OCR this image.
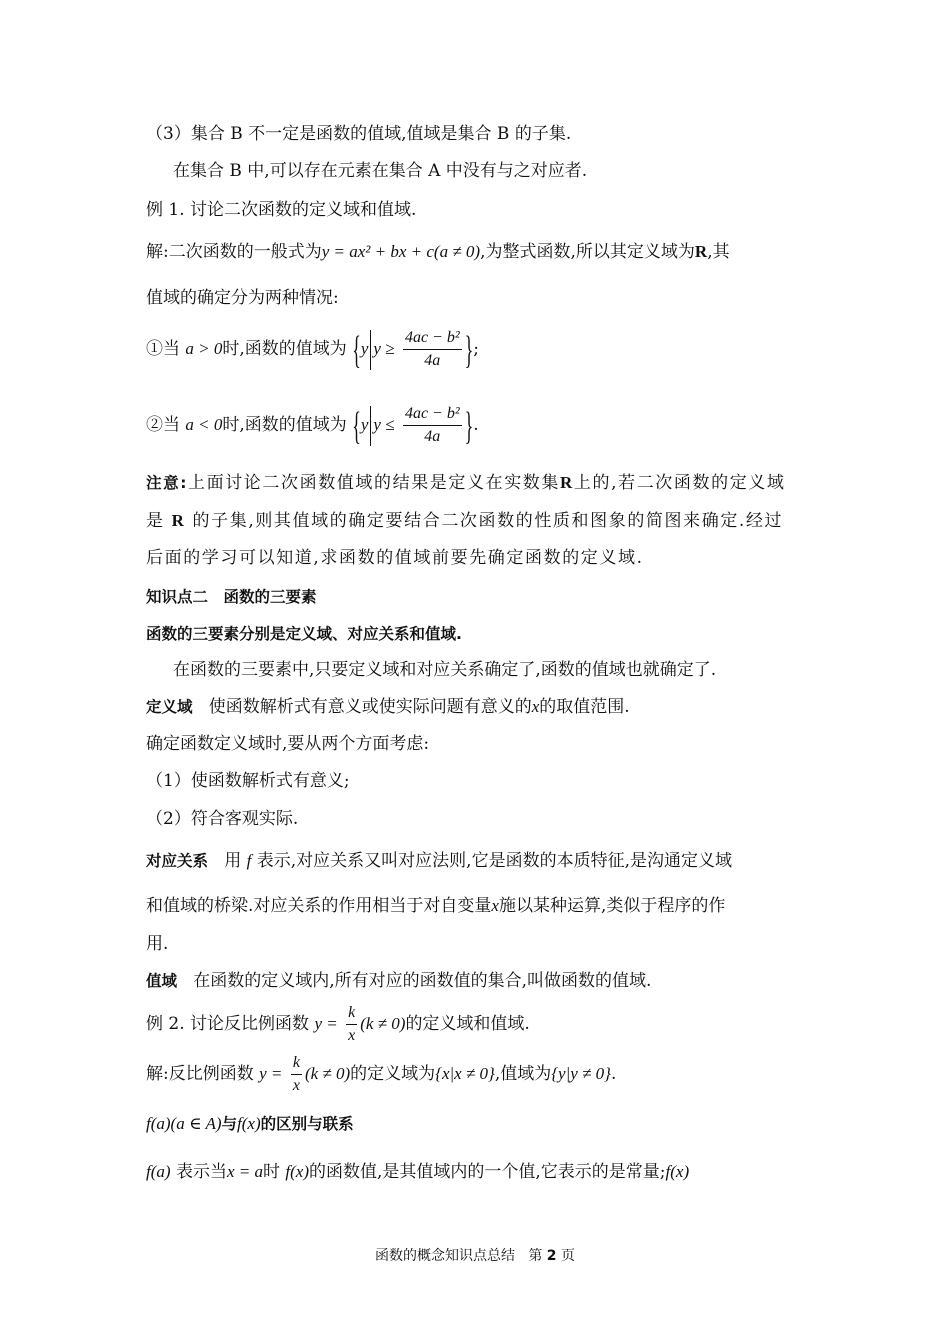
（3）集合 B 不一定是函数的值域,值域是集合 B 的子集.
在集合 B 中,可以存在元素在集合 A 中没有与之对应者.
例 1. 讨论二次函数的定义域和值域.
解:二次函数的一般式为y = ax² + bx + c(a ≠ 0),为整式函数,所以其定义域为R,其
值域的确定分为两种情况:
①当 a > 0时,函数的值域为 {y $y \ge \frac{\text{4ac − b²}}{4a}$ };
②当 a < 0时,函数的值域为 {y $y \le \frac{\text{4ac − b²}}{4a}$ }.
注意:上面讨论二次函数值域的结果是定义在实数集R上的,若二次函数的定义域
是 R 的子集,则其值域的确定要结合二次函数的性质和图象的简图来确定.经过
后面的学习可以知道,求函数的值域前要先确定函数的定义域.
知识点二　函数的三要素
函数的三要素分别是定义域、对应关系和值域.
在函数的三要素中,只要定义域和对应关系确定了,函数的值域也就确定了.
定义域 使函数解析式有意义或使实际问题有意义的x的取值范围.
确定函数定义域时,要从两个方面考虑:
（1）使函数解析式有意义;
（2）符合客观实际.
对应关系 用 f 表示,对应关系又叫对应法则,它是函数的本质特征,是沟通定义域
和值域的桥梁.对应关系的作用相当于对自变量x施以某种运算,类似于程序的作
用.
值域 在函数的定义域内,所有对应的函数值的集合,叫做函数的值域.
例 2. 讨论反比例函数 $y = \frac{k}{x} (k \ne 0)$的定义域和值域.
解:反比例函数 $y = \frac{k}{x} (k \ne 0)$的定义域为{x|x ≠ 0},值域为{y|y ≠ 0}.
f(a)(a ∈ A)与f(x)的区别与联系
f(a) 表示当x = a时 f(x)的函数值,是其值域内的一个值,它表示的是常量;f(x)
函数的概念知识点总结 第 2 页
